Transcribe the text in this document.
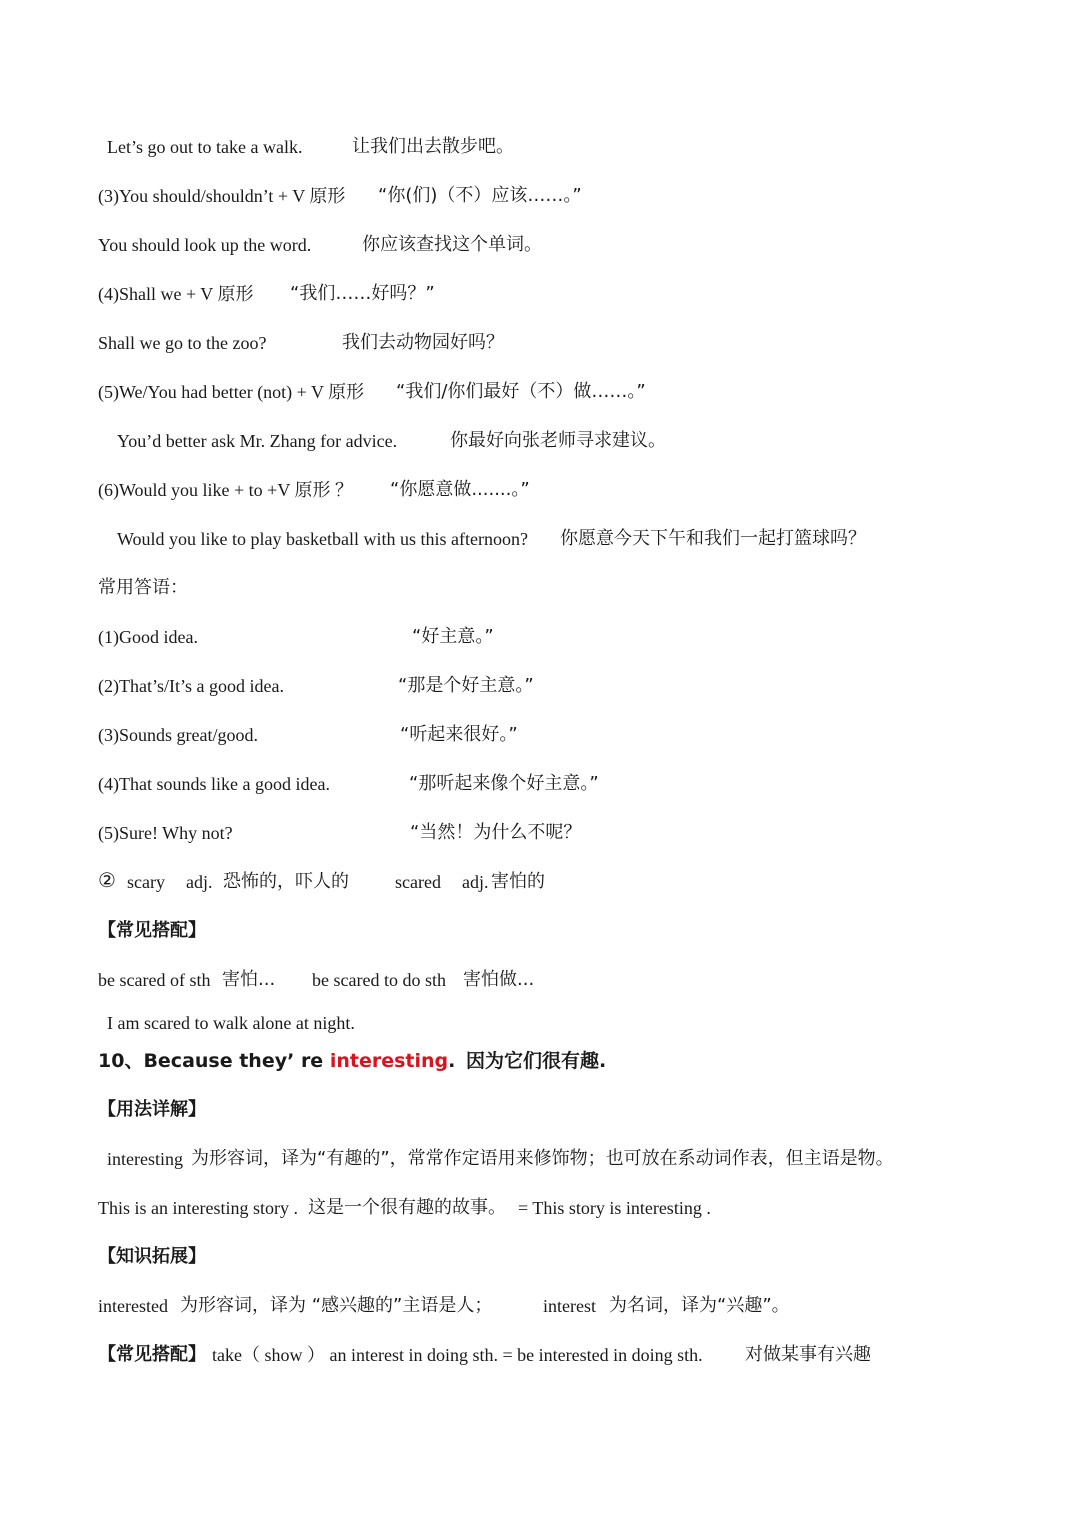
Let’s go out to take a walk.	让我们出去散步吧。
(3)You should/shouldn’t + V 原形 “你(们)（不）应该……。”
You should look up the word.	你应该查找这个单词。
(4)Shall we + V 原形 “我们……好吗？”
Shall we go to the zoo?	我们去动物园好吗？
(5)We/You had better (not) + V 原形 “我们/你们最好（不）做……。”
You’d better ask Mr. Zhang for advice.	你最好向张老师寻求建议。
(6)Would you like + to +V 原形 ？ “你愿意做.......。”
Would you like to play basketball with us this afternoon? 你愿意今天下午和我们一起打篮球吗？
常用答语：
(1)Good idea.	“好主意。”
(2)That’s/It’s a good idea.	“那是个好主意。”
(3)Sounds great/good.	“听起来很好。”
(4)That sounds like a good idea.	“那听起来像个好主意。”
(5)Sure! Why not?	“当然！为什么不呢？
② scary adj. 恐怖的，吓人的	scared adj. 害怕的
【常见搭配】
be scared of sth 害怕... be scared to do sth 害怕做...
I am scared to walk alone at night.
10、Because they’ re interesting. 因为它们很有趣.
【用法详解】
interesting 为形容词，译为“有趣的”，常常作定语用来修饰物；也可放在系动词作表，但主语是物。
This is an interesting story . 这是一个很有趣的故事。 = This story is interesting .
【知识拓展】
interested 为形容词，译为 “感兴趣的”主语是人；	interest 为名词，译为“兴趣”。
【常见搭配】 take（ show ） an interest in doing sth. = be interested in doing sth. 对做某事有兴趣
